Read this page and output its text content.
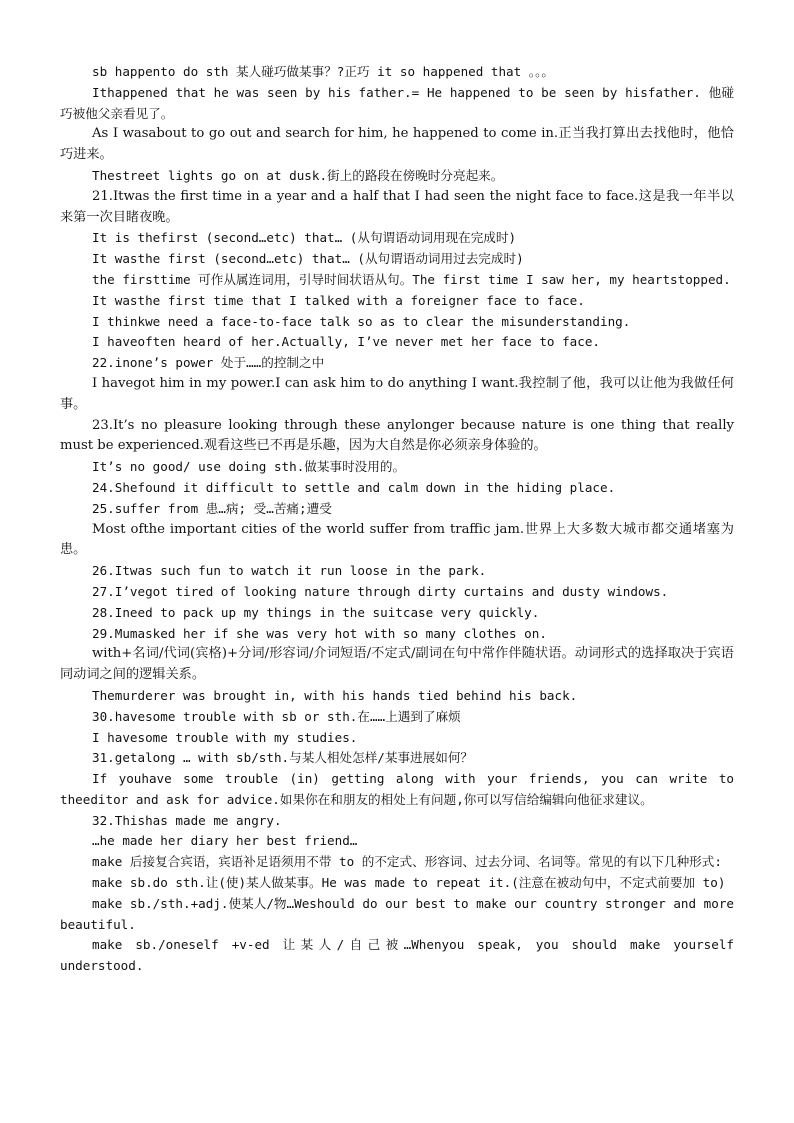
sb happento do sth 某人碰巧做某事？?正巧 it so happened that 。。。

Ithappened that he was seen by his father.= He happened to be seen by hisfather. 他碰巧被他父亲看见了。

As I wasabout to go out and search for him, he happened to come in.正当我打算出去找他时，他恰巧进来。

Thestreet lights go on at dusk.街上的路段在傍晚时分亮起来。

21.Itwas the first time in a year and a half that I had seen the night face to face.这是我一年半以来第一次目睹夜晚。

It is thefirst (second…etc) that… (从句谓语动词用现在完成时)

It wasthe first (second…etc) that… (从句谓语动词用过去完成时)

the firsttime 可作从属连词用，引导时间状语从句。The first time I saw her, my heartstopped.

It wasthe first time that I talked with a foreigner face to face.

I thinkwe need a face-to-face talk so as to clear the misunderstanding.

I haveoften heard of her.Actually, I’ve never met her face to face.

22.inone’s power 处于……的控制之中

I havegot him in my power.I can ask him to do anything I want.我控制了他，我可以让他为我做任何事。

23.It’s no pleasure looking through these anylonger because nature is one thing that really must be experienced.观看这些已不再是乐趣，因为大自然是你必须亲身体验的。

It’s no good/ use doing sth.做某事时没用的。

24.Shefound it difficult to settle and calm down in the hiding place.

25.suffer from 患…病; 受…苦痛;遭受

Most ofthe important cities of the world suffer from traffic jam.世界上大多数大城市都交通堵塞为患。

26.Itwas such fun to watch it run loose in the park.

27.I’vegot tired of looking nature through dirty curtains and dusty windows.

28.Ineed to pack up my things in the suitcase very quickly.

29.Mumasked her if she was very hot with so many clothes on.

with+名词/代词(宾格)+分词/形容词/介词短语/不定式/副词在句中常作伴随状语。动词形式的选择取决于宾语同动词之间的逻辑关系。

Themurderer was brought in, with his hands tied behind his back.

30.havesome trouble with sb or sth.在……上遇到了麻烦

I havesome trouble with my studies.

31.getalong … with sb/sth.与某人相处怎样/某事进展如何？

If youhave some trouble (in) getting along with your friends, you can write to theeditor and ask for advice.如果你在和朋友的相处上有问题,你可以写信给编辑向他征求建议。

32.Thishas made me angry.

…he made her diary her best friend…

make 后接复合宾语，宾语补足语须用不带 to 的不定式、形容词、过去分词、名词等。常见的有以下几种形式:

make sb.do sth.让(使)某人做某事。He was made to repeat it.(注意在被动句中，不定式前要加 to)

make sb./sth.+adj.使某人/物…Weshould do our best to make our country stronger and more beautiful.

make sb./oneself +v-ed 让某人/自己被…Whenyou speak, you should make yourself understood.
